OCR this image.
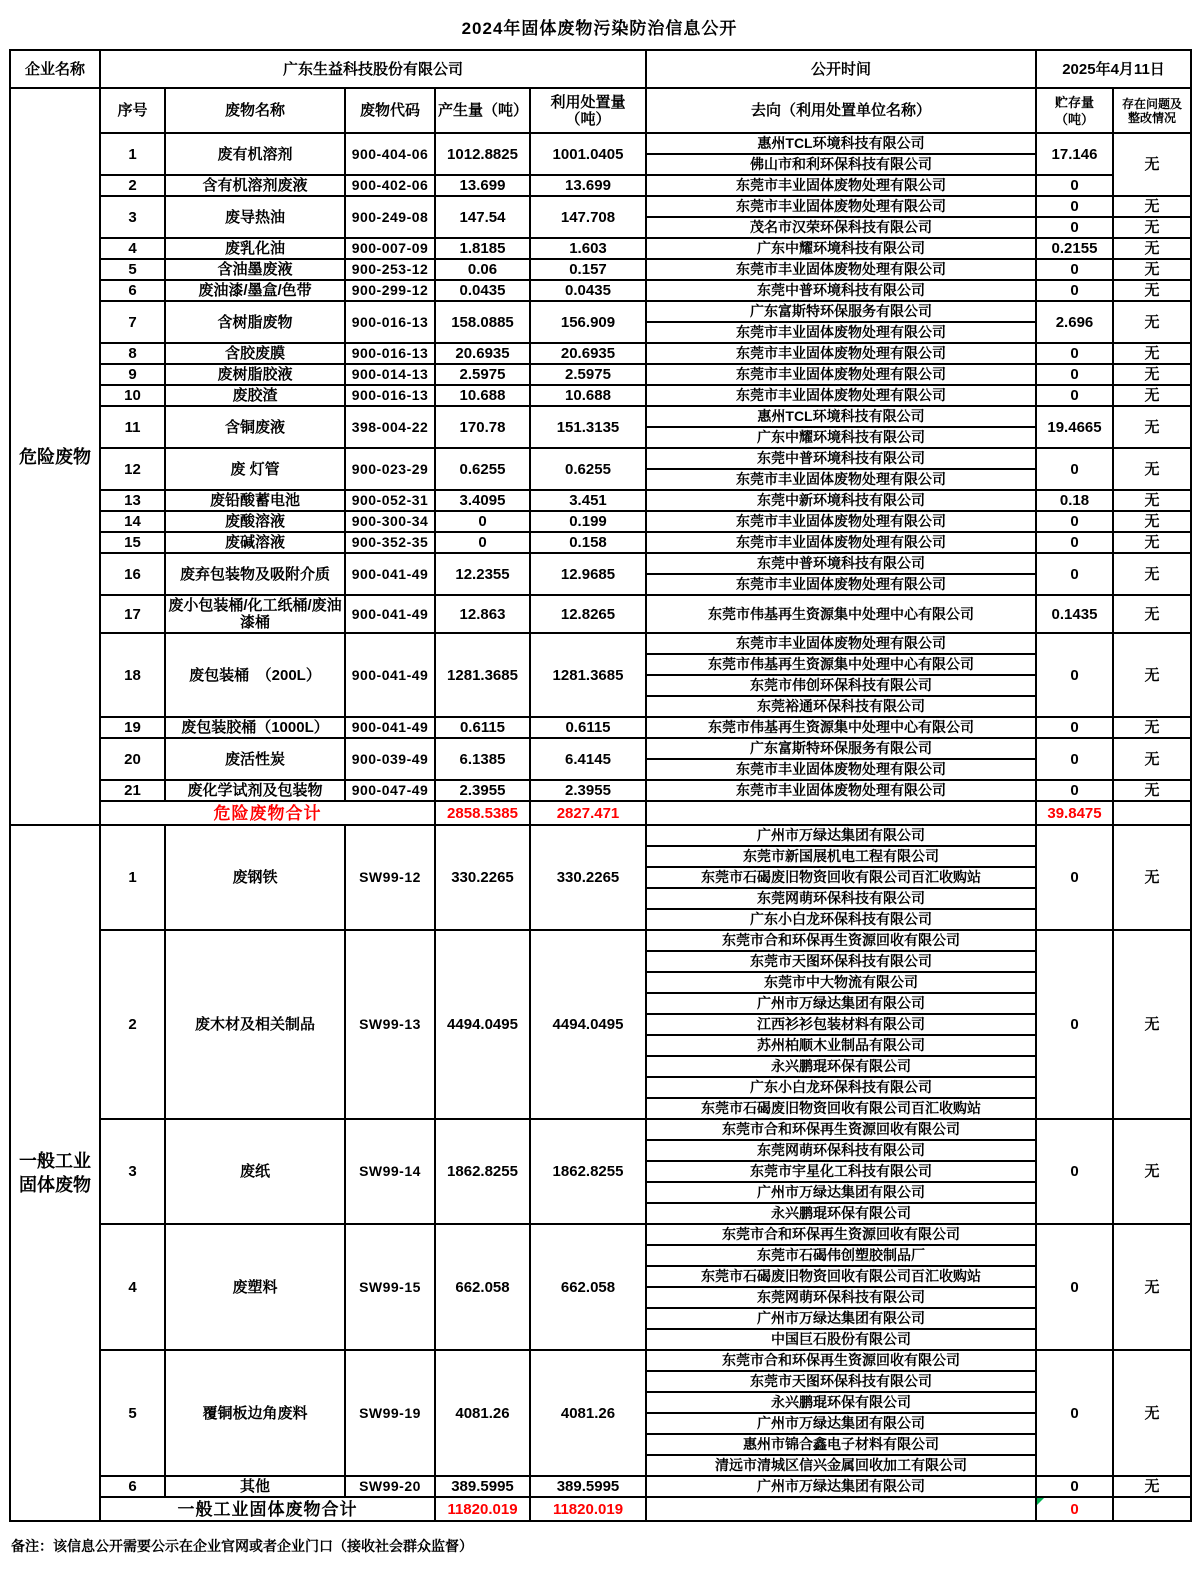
2024年固体废物污染防治信息公开
企业名称	广东生益科技股份有限公司					公开时间	2025年4月11日	
危险废物	序号	废物名称	废物代码	产生量（吨）	利用处置量（吨）	去向（利用处置单位名称）	贮存量（吨）	存在问题及整改情况
	1	废有机溶剂	900-404-06	1012.8825	1001.0405	惠州TCL环境科技有限公司	17.146	无
						佛山市和利环保科技有限公司		
	2	含有机溶剂废液	900-402-06	13.699	13.699	东莞市丰业固体废物处理有限公司	0	
	3	废导热油	900-249-08	147.54	147.708	东莞市丰业固体废物处理有限公司	0	无
						茂名市汉荣环保科技有限公司	0	无
	4	废乳化油	900-007-09	1.8185	1.603	广东中耀环境科技有限公司	0.2155	无
	5	含油墨废液	900-253-12	0.06	0.157	东莞市丰业固体废物处理有限公司	0	无
	6	废油漆/墨盒/色带	900-299-12	0.0435	0.0435	东莞中普环境科技有限公司	0	无
	7	含树脂废物	900-016-13	158.0885	156.909	广东富斯特环保服务有限公司	2.696	无
						东莞市丰业固体废物处理有限公司		
	8	含胶废膜	900-016-13	20.6935	20.6935	东莞市丰业固体废物处理有限公司	0	无
	9	废树脂胶液	900-014-13	2.5975	2.5975	东莞市丰业固体废物处理有限公司	0	无
	10	废胶渣	900-016-13	10.688	10.688	东莞市丰业固体废物处理有限公司	0	无
	11	含铜废液	398-004-22	170.78	151.3135	惠州TCL环境科技有限公司	19.4665	无
						广东中耀环境科技有限公司		
	12	废 灯管	900-023-29	0.6255	0.6255	东莞中普环境科技有限公司	0	无
						东莞市丰业固体废物处理有限公司		
	13	废铅酸蓄电池	900-052-31	3.4095	3.451	东莞中新环境科技有限公司	0.18	无
	14	废酸溶液	900-300-34	0	0.199	东莞市丰业固体废物处理有限公司	0	无
	15	废碱溶液	900-352-35	0	0.158	东莞市丰业固体废物处理有限公司	0	无
	16	废弃包装物及吸附介质	900-041-49	12.2355	12.9685	东莞中普环境科技有限公司	0	无
						东莞市丰业固体废物处理有限公司		
	17	废小包装桶/化工纸桶/废油漆桶	900-041-49	12.863	12.8265	东莞市伟基再生资源集中处理中心有限公司	0.1435	无
	18	废包装桶　（200L）	900-041-49	1281.3685	1281.3685	东莞市丰业固体废物处理有限公司	0	无
						东莞市伟基再生资源集中处理中心有限公司		
						东莞市伟创环保科技有限公司		
						东莞裕通环保科技有限公司		
	19	废包装胶桶（1000L）	900-041-49	0.6115	0.6115	东莞市伟基再生资源集中处理中心有限公司	0	无
	20	废活性炭	900-039-49	6.1385	6.4145	广东富斯特环保服务有限公司	0	无
						东莞市丰业固体废物处理有限公司		
	21	废化学试剂及包装物	900-047-49	2.3955	2.3955	东莞市丰业固体废物处理有限公司	0	无
	危险废物合计			2858.5385	2827.471		39.8475	
一般工业固体废物	1	废钢铁	SW99-12	330.2265	330.2265	广州市万绿达集团有限公司	0	无
						东莞市新国展机电工程有限公司		
						东莞市石碣废旧物资回收有限公司百汇收购站		
						东莞网萌环保科技有限公司		
						广东小白龙环保科技有限公司		
	2	废木材及相关制品	SW99-13	4494.0495	4494.0495	东莞市合和环保再生资源回收有限公司	0	无
						东莞市天图环保科技有限公司		
						东莞市中大物流有限公司		
						广州市万绿达集团有限公司		
						江西衫衫包装材料有限公司		
						苏州柏顺木业制品有限公司		
						永兴鹏琨环保有限公司		
						广东小白龙环保科技有限公司		
						东莞市石碣废旧物资回收有限公司百汇收购站		
	3	废纸	SW99-14	1862.8255	1862.8255	东莞市合和环保再生资源回收有限公司	0	无
						东莞网萌环保科技有限公司		
						东莞市宇星化工科技有限公司		
						广州市万绿达集团有限公司		
						永兴鹏琨环保有限公司		
	4	废塑料	SW99-15	662.058	662.058	东莞市合和环保再生资源回收有限公司	0	无
						东莞市石碣伟创塑胶制品厂		
						东莞市石碣废旧物资回收有限公司百汇收购站		
						东莞网萌环保科技有限公司		
						广州市万绿达集团有限公司		
						中国巨石股份有限公司		
	5	覆铜板边角废料	SW99-19	4081.26	4081.26	东莞市合和环保再生资源回收有限公司	0	无
						东莞市天图环保科技有限公司		
						永兴鹏琨环保有限公司		
						广州市万绿达集团有限公司		
						惠州市锦合鑫电子材料有限公司		
						清远市清城区信兴金属回收加工有限公司		
	6	其他	SW99-20	389.5995	389.5995	广州市万绿达集团有限公司	0	无
	一般工业固体废物合计			11820.019	11820.019		0

备注：该信息公开需要公示在企业官网或者企业门口（接收社会群众监督）
